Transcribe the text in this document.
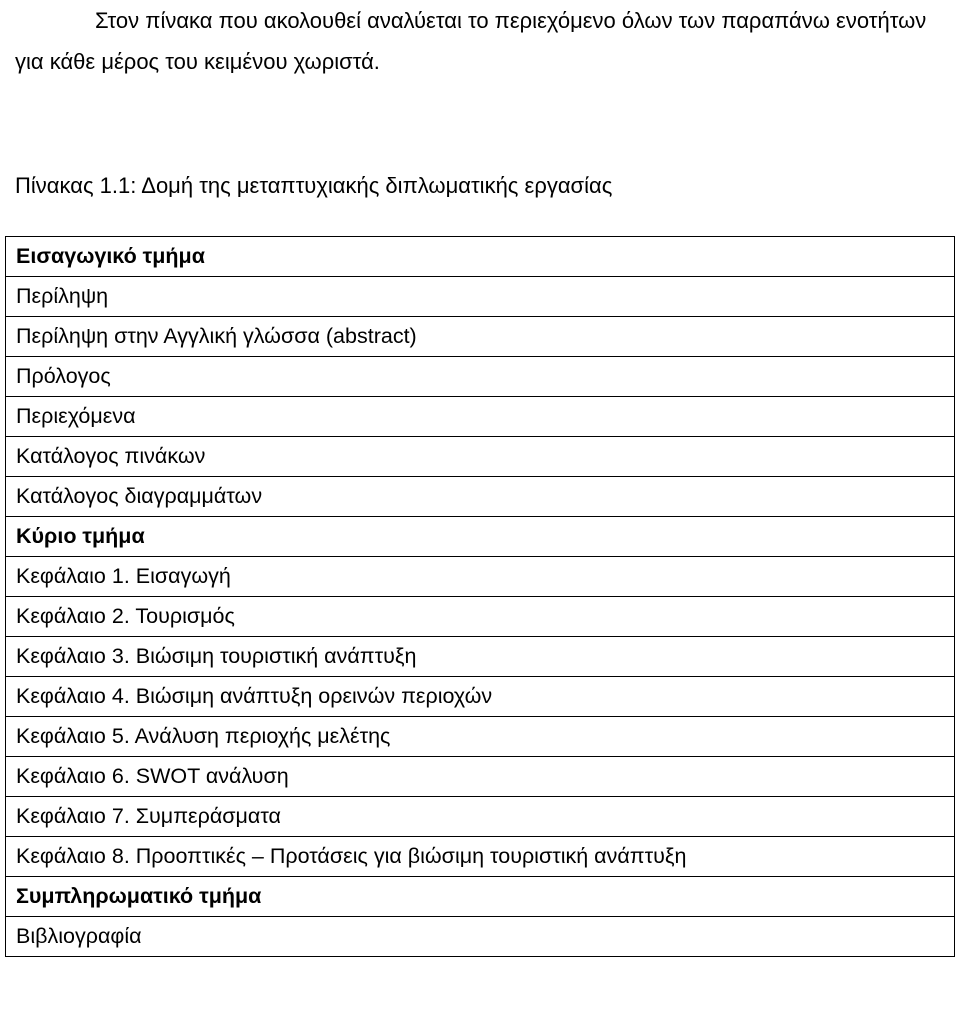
Στον πίνακα που ακολουθεί αναλύεται το περιεχόμενο όλων των παραπάνω ενοτήτων για κάθε μέρος του κειμένου χωριστά.

Πίνακας 1.1: Δομή της μεταπτυχιακής διπλωματικής εργασίας

Εισαγωγικό τμήμα
Περίληψη
Περίληψη στην Αγγλική γλώσσα (abstract)
Πρόλογος
Περιεχόμενα
Κατάλογος πινάκων
Κατάλογος διαγραμμάτων
Κύριο τμήμα
Κεφάλαιο 1. Εισαγωγή
Κεφάλαιο 2. Τουρισμός
Κεφάλαιο 3. Βιώσιμη τουριστική ανάπτυξη
Κεφάλαιο 4. Βιώσιμη ανάπτυξη ορεινών περιοχών
Κεφάλαιο 5. Ανάλυση περιοχής μελέτης
Κεφάλαιο 6. SWOT ανάλυση
Κεφάλαιο 7. Συμπεράσματα
Κεφάλαιο 8. Προοπτικές – Προτάσεις για βιώσιμη τουριστική ανάπτυξη
Συμπληρωματικό τμήμα
Βιβλιογραφία
